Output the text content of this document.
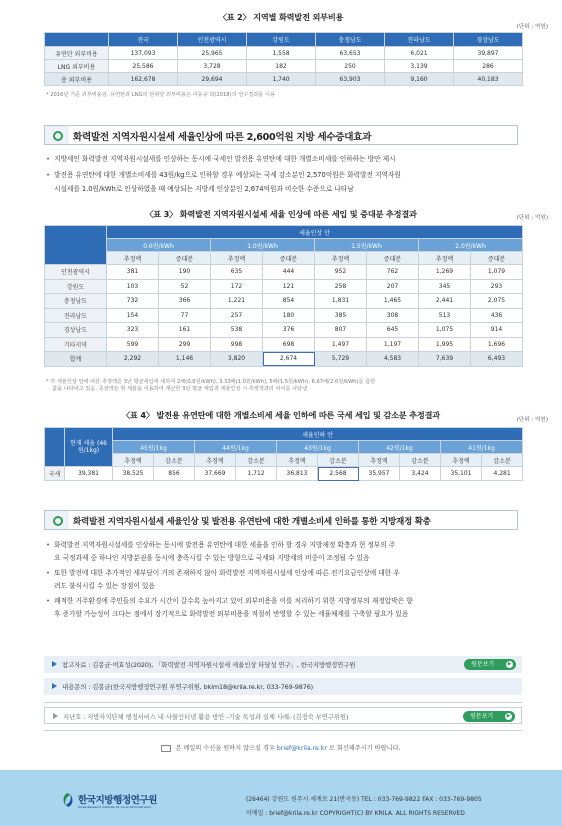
〈표 2〉 지역별 화력발전 외부비용
(단위 : 억원)
	전국	인천광역시	강원도	충청남도	전라남도	경상남도
유연탄 외부비용	137,093	25,965	1,558	63,653	6,021	39,897
LNG 외부비용	25,586	3,728	182	250	3,139	286
총 외부비용	162,678	29,694	1,740	63,903	9,160	40,183
* 2016년 기준 외부비용임. 유연탄과 LNG의 단위당 외부비용은 이동규 외(2018)의 연구결과를 이용
화력발전 지역자원시설세 세율인상에 따른 2,600억원 지방 세수증대효과
• 지방세인 화력발전 지역자원시설세를 인상하는 동시에 국세인 발전용 유연탄에 대한 개별소비세를 인하하는 방안 제시
• 발전용 유연탄에 대한 개별소비세를 43원/kg으로 인하할 경우 예상되는 국세 감소분인 2,570억원은 화력발전 지역자원
시설세를 1.0원/kWh로 인상하였을 때 예상되는 지방세 인상분인 2,674억원과 비슷한 수준으로 나타남
〈표 3〉 화력발전 지역자원시설세 세율 인상에 따른 세입 및 증대분 추정결과	(단위 : 억원)
	세율인상 안							
	0.6원/kWh		1.0원/kWh		1.5원/kWh		2.0원/kWh	
	추정액	증대분	추정액	증대분	추정액	증대분	추정액	증대분
인천광역시	381	190	635	444	952	762	1,269	1,079
강원도	103	52	172	121	258	207	345	293
충청남도	732	366	1,221	854	1,831	1,465	2,441	2,075
전라남도	154	77	257	180	385	308	513	436
경상남도	323	161	538	376	807	645	1,075	914
기타지역	599	299	998	698	1,497	1,197	1,995	1,696
합계	2,292	1,146	3,820	2,674	5,729	4,583	7,639	6,493
* 각 세율인상 안에 따른 추정액은 3년 평균세입에 대하여 2배(0.6원/kWh), 3.33배(1.0원/kWh), 5배(1.5원/kWh), 6.67배(2.0원/kWh)를 곱한
값을 나타내고 있음. 증감액은 현 세율을 이용하여 계산한 3년 평균 세입과 세율인상 시 추정액과의 차이를 나타냄
〈표 4〉 발전용 유연탄에 대한 개별소비세 세율 인하에 따른 국세 세입 및 감소분 추정결과	(단위 : 억원)
	현재 세율 (46원/1kg)	세율인하 안									
		45원/1kg		44원/1kg		43원/1kg		42원/1kg		41원/1kg	
		추정액	감소분	추정액	감소분	추정액	감소분	추정액	감소분	추정액	감소분
국세	39,381	38,525	856	37,669	1,712	36,813	2,568	35,957	3,424	35,101	4,281
화력발전 지역자원시설세 세율인상 및 발전용 유연탄에 대한 개별소비세 인하를 통한 지방재정 확충
• 화력발전 지역자원시설세를 인상하는 동시에 발전용 유연탄에 대한 세율을 인하 할 경우 지방재정 확충과 현 정부의 주
요 국정과제 중 하나인 지방분권을 동시에 충족시킬 수 있는 방향으로 국세와 지방세의 비중이 조정될 수 있음
• 또한 발전에 대한 추가적인 세부담이 거의 존재하지 않아 화력발전 지역자원시설세 인상에 따른 전기요금인상에 대한 우
려도 불식시킬 수 있는 장점이 있음
• 쾌적한 거주환경에 주민들의 수요가 시간이 갈수록 높아지고 있어 외부비용을 이를 처리하기 위한 지방정부의 재정압박은 향
후 증가할 가능성이 크다는 점에서 장기적으로 화력발전 외부비용을 적절히 반영할 수 있는 세율체계를 구축할 필요가 있음
참고자료 : 김봉균·여효성(2020), 「화력발전 지역자원시설세 세율인상 타당성 연구」, 한국지방행정연구원	원문보기	▶
내용문의 : 김봉균(한국지방행정연구원 부연구위원, bkim18@krila.re.kr, 033-769-9876)
지난호 : 지방자치단체 행정서비스 내 사물인터넷 활용 방안 -기술 특성과 실제 사례- (김정숙 부연구위원)	원문보기	▶
본 메일의 수신을 원하지 않으실 경우 brief@krila.re.kr 로 회신해주시기 바랍니다.
한국지방행정연구원
Korea Research Institute for Local Administration
(26464) 강원도 원주시 세계로 21(반곡동) TEL : 033-769-9822 FAX : 033-769-9805
이메일 : brief@krila.re.kr COPYRIGHT(C) BY KRILA. ALL RIGHTS RESERVED
